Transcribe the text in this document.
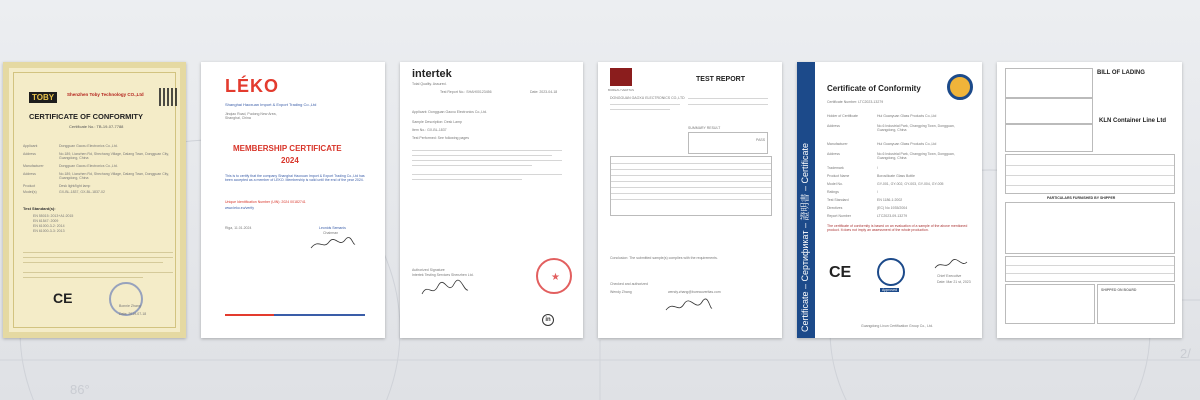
86°
2/
TOBY	Shenzhen Toby Technology CO.,Ltd
CERTIFICATE OF CONFORMITY
Certificate No.: TB-19-07-7788
Applicant	Dongguan Gaoxu Electronics Co.,Ltd.
Address	No.189, Lianzhen Rd, Shechang Village, Dalang Town, Dongguan City, Guangdong, China
Manufacturer	Dongguan Gaoxu Electronics Co.,Ltd.
Address	No.189, Lianzhen Rd, Shechang Village, Dalang Town, Dongguan City, Guangdong, China
Product	Desk light/light lamp
Model(s)	GX-BL-1837, GX-BL-1837-02
Test Standard(s):
EN 55015: 2013+A1:2015
EN 61547: 2009
EN 61000-3-2: 2014
EN 61000-3-3: 2013
CE	Bonnie Zhang
Date: 2019-07-18
LÉKO
Shanghai Haoxuan Import & Export Trading Co.,Ltd
Jinqiao Road, Pudong New Area, Shanghai, China
MEMBERSHIP CERTIFICATE
2024
This is to certify that the company Shanghai Haoxuan Import & Export Trading Co.,Ltd has been accepted as a member of LEKO. Membership is valid until the end of the year 2024.
Unique Identification Number (UIN): 2024 00182741
www.leko.eu/verify
Riga, 11.01.2024	Leonids Semanis
Chairman
intertek
Total Quality. Assured.
Test Report No.: SHAH00123456	Date: 2023-04-18
Applicant: Dongguan Gaoxu Electronics Co.,Ltd.
Sample Description: Desk Lamp
Item No.: GX-BL-1837
Test Performed: See following pages
Authorized Signature
Intertek Testing Services Shenzhen Ltd.	★
in
BUREAU VERITAS
TEST REPORT
DONGGUAN GAOXU ELECTRONICS CO.,LTD
SUMMARY RESULT
PASS
Conclusion: The submitted sample(s) complies with the requirements.
Checked and authorized
Wendy Zhang	wendy.zhang@bureauveritas.com	Certificate – Сертификат – 證明書 – Certificate
Certificate of Conformity
Certificate Number: LTC2023-13279
Holder of Certificate	Hui Guanyuan Glass Products Co.,Ltd
Address	No.6 Industrial Park, Changping Town, Dongguan, Guangdong, China
Manufacturer	Hui Guanyuan Glass Products Co.,Ltd
Address	No.6 Industrial Park, Changping Town, Dongguan, Guangdong, China
Trademark	/
Product Name	Borosilicate Glass Bottle
Model No.	GY-001, GY-002, GY-003, GY-004, GY-005
Ratings	/
Test Standard	EN 1186-1:2002
Directives	(EC) No 1935/2004
Report Number	LTC2023-09-13279
The certificate of conformity is based on an evaluation of a sample of the above mentioned product. It does not imply an assessment of the whole production.
CE
Approved
Chief Executive
Date: Mar 21 st, 2023
Guangdong Lixun Certification Group Co., Ltd.
BILL OF LADING
KLN Container Line Ltd
PARTICULARS FURNISHED BY SHIPPER
SHIPPED ON BOARD
